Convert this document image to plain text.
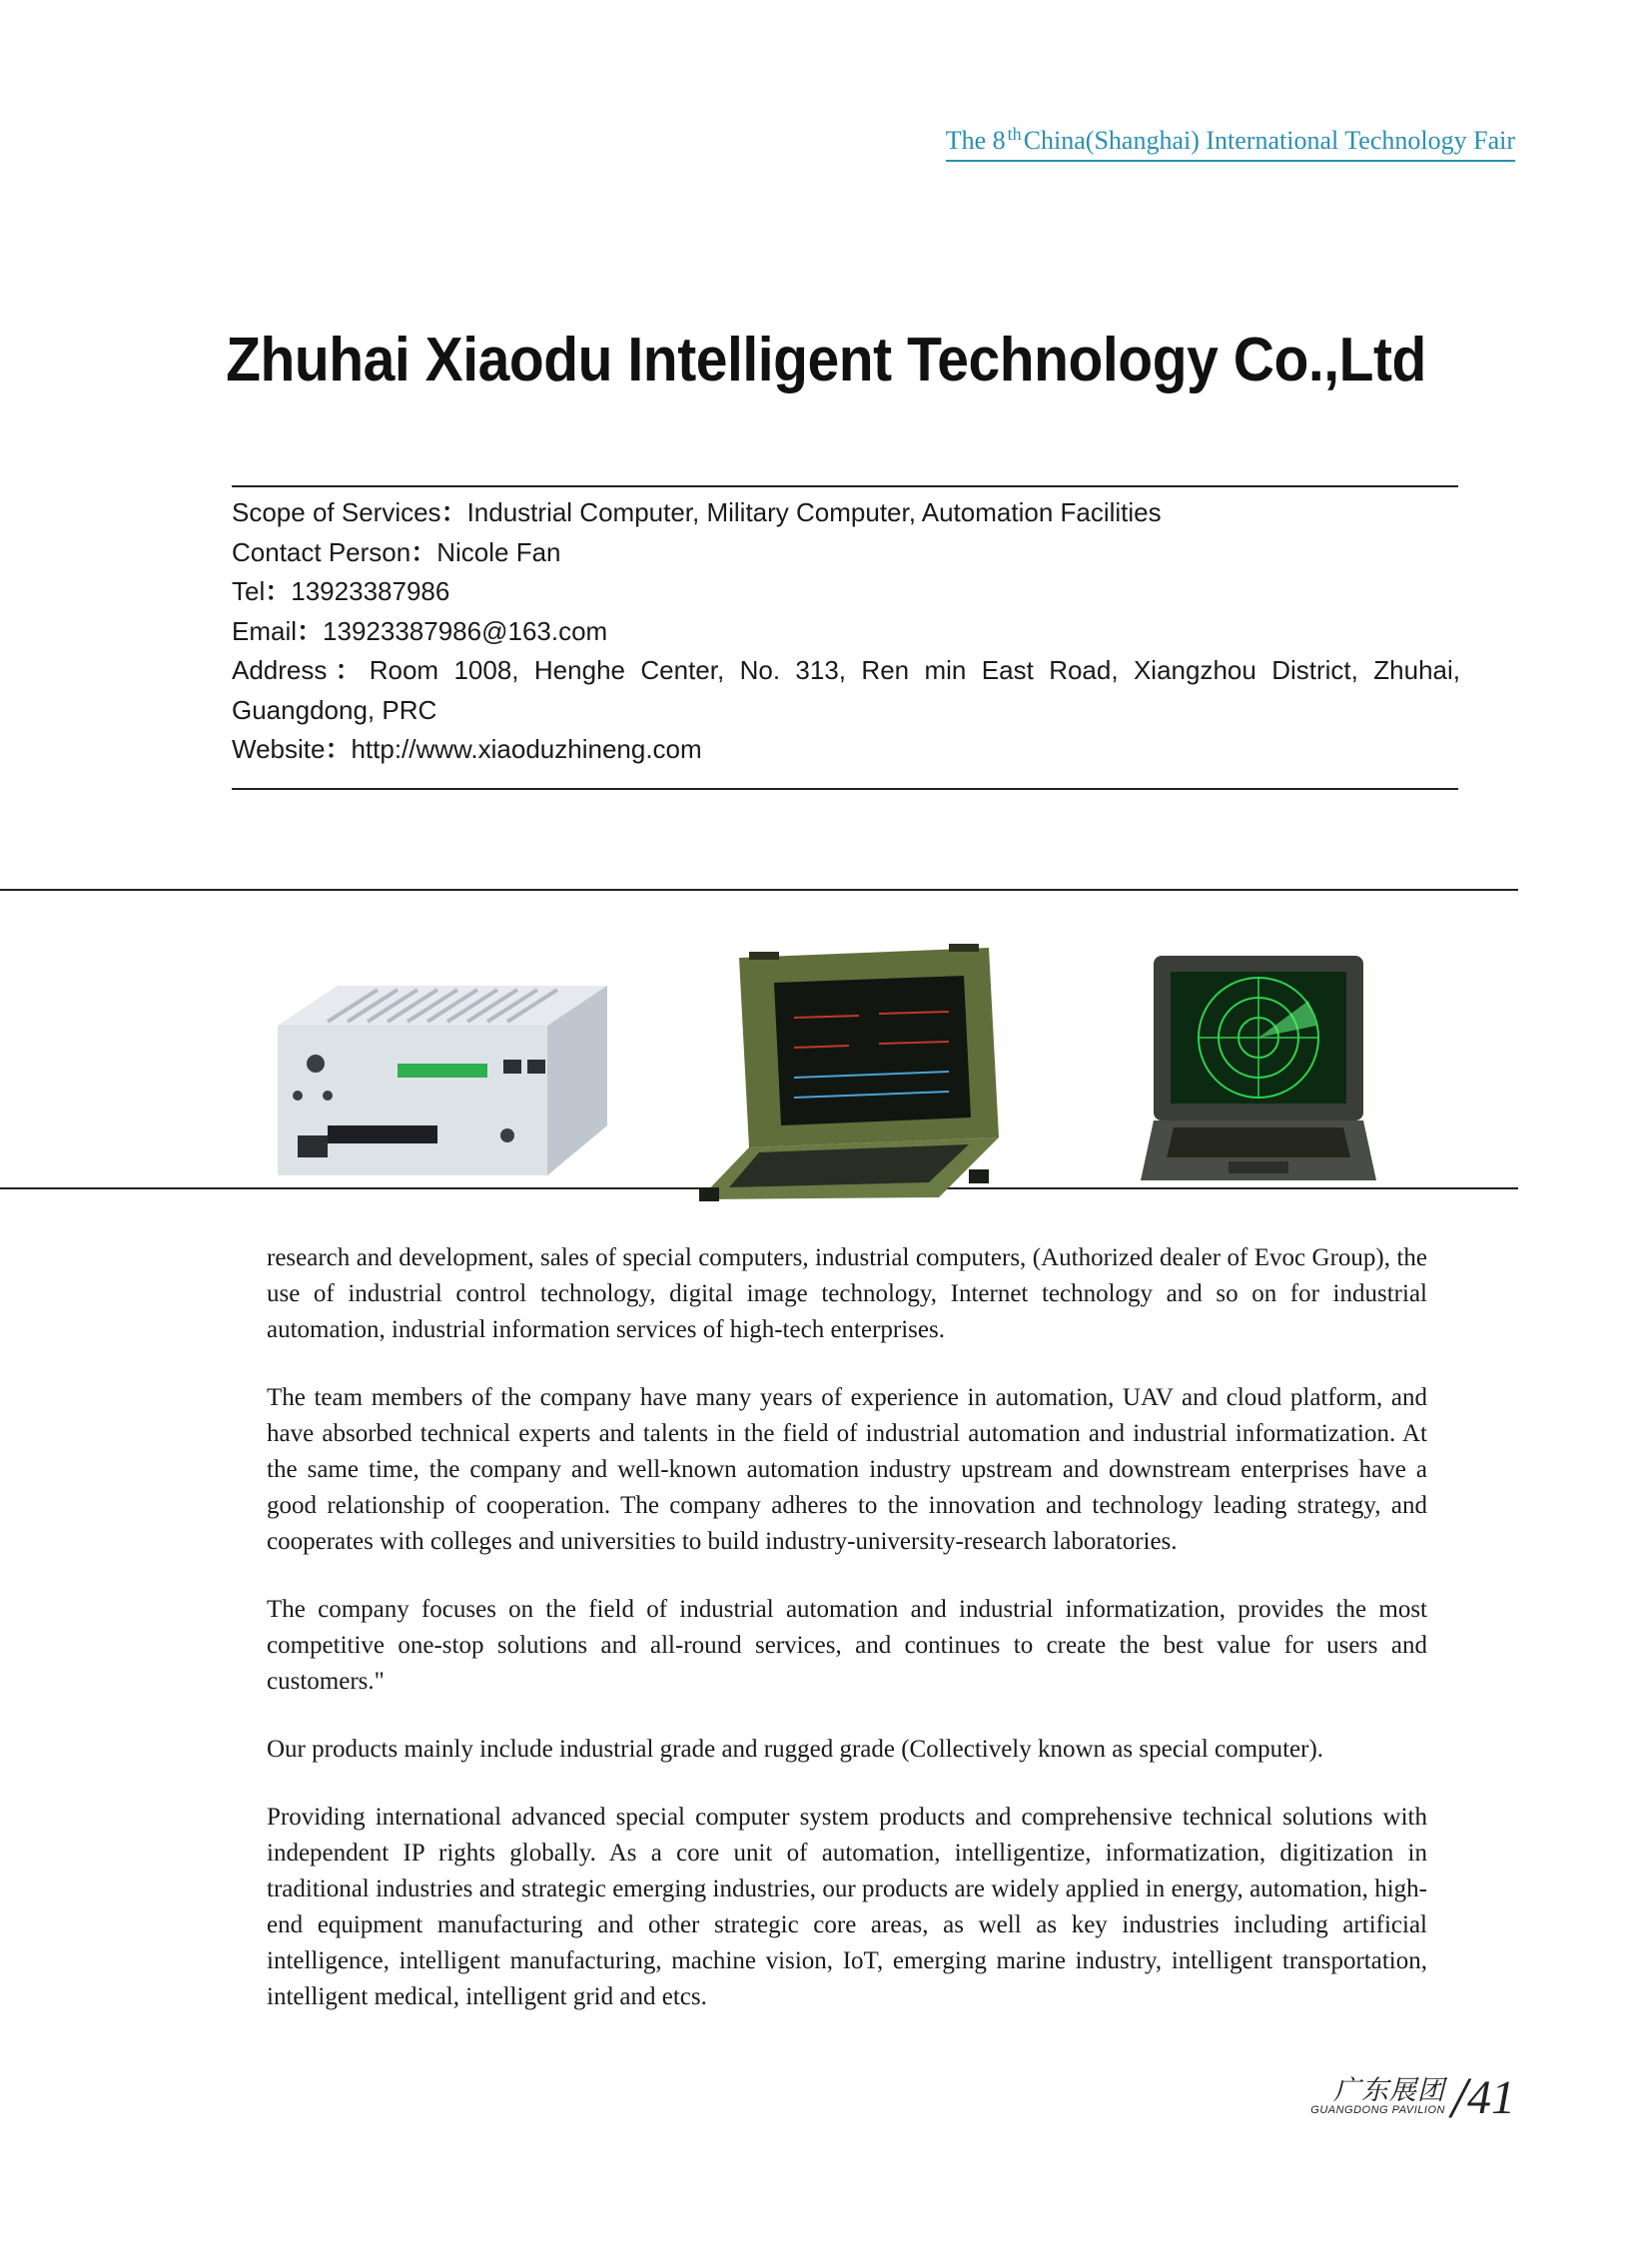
The 8 $^{th}$China(Shanghai) International Technology Fair
Zhuhai Xiaodu Intelligent Technology Co.,Ltd
Scope of Services ： Industrial Computer, Military Computer, Automation Facilities
Contact Person ： Nicole Fan
Tel ： 13923387986
Email ： 13923387986@163.com
Address ： Room 1008, Henghe Center, No. 313, Ren min East Road, Xiangzhou District, Zhuhai, Guangdong, PRC
Website ： http://www.xiaoduzhineng.com

research and development, sales of special computers, industrial computers, (Authorized dealer of Evoc Group), the use of industrial control technology, digital image technology, Internet technology and so on for industrial automation, industrial information services of high-tech enterprises.

The team members of the company have many years of experience in automation, UAV and cloud platform, and have absorbed technical experts and talents in the field of industrial automation and industrial informatization. At the same time, the company and well-known automation industry upstream and downstream enterprises have a good relationship of cooperation. The company adheres to the innovation and technology leading strategy, and cooperates with colleges and universities to build industry-university-research laboratories.

The company focuses on the field of industrial automation and industrial informatization, provides the most competitive one-stop solutions and all-round services, and continues to create the best value for users and customers."

Our products mainly include industrial grade and rugged grade (Collectively known as special computer).

Providing international advanced special computer system products and comprehensive technical solutions with independent IP rights globally. As a core unit of automation, intelligentize, informatization, digitization in traditional industries and strategic emerging industries, our products are widely applied in energy, automation, high-end equipment manufacturing and other strategic core areas, as well as key industries including artificial intelligence, intelligent manufacturing, machine vision, IoT, emerging marine industry, intelligent transportation, intelligent medical, intelligent grid and etcs.

广东展团
GUANGDONG PAVILION / 41
